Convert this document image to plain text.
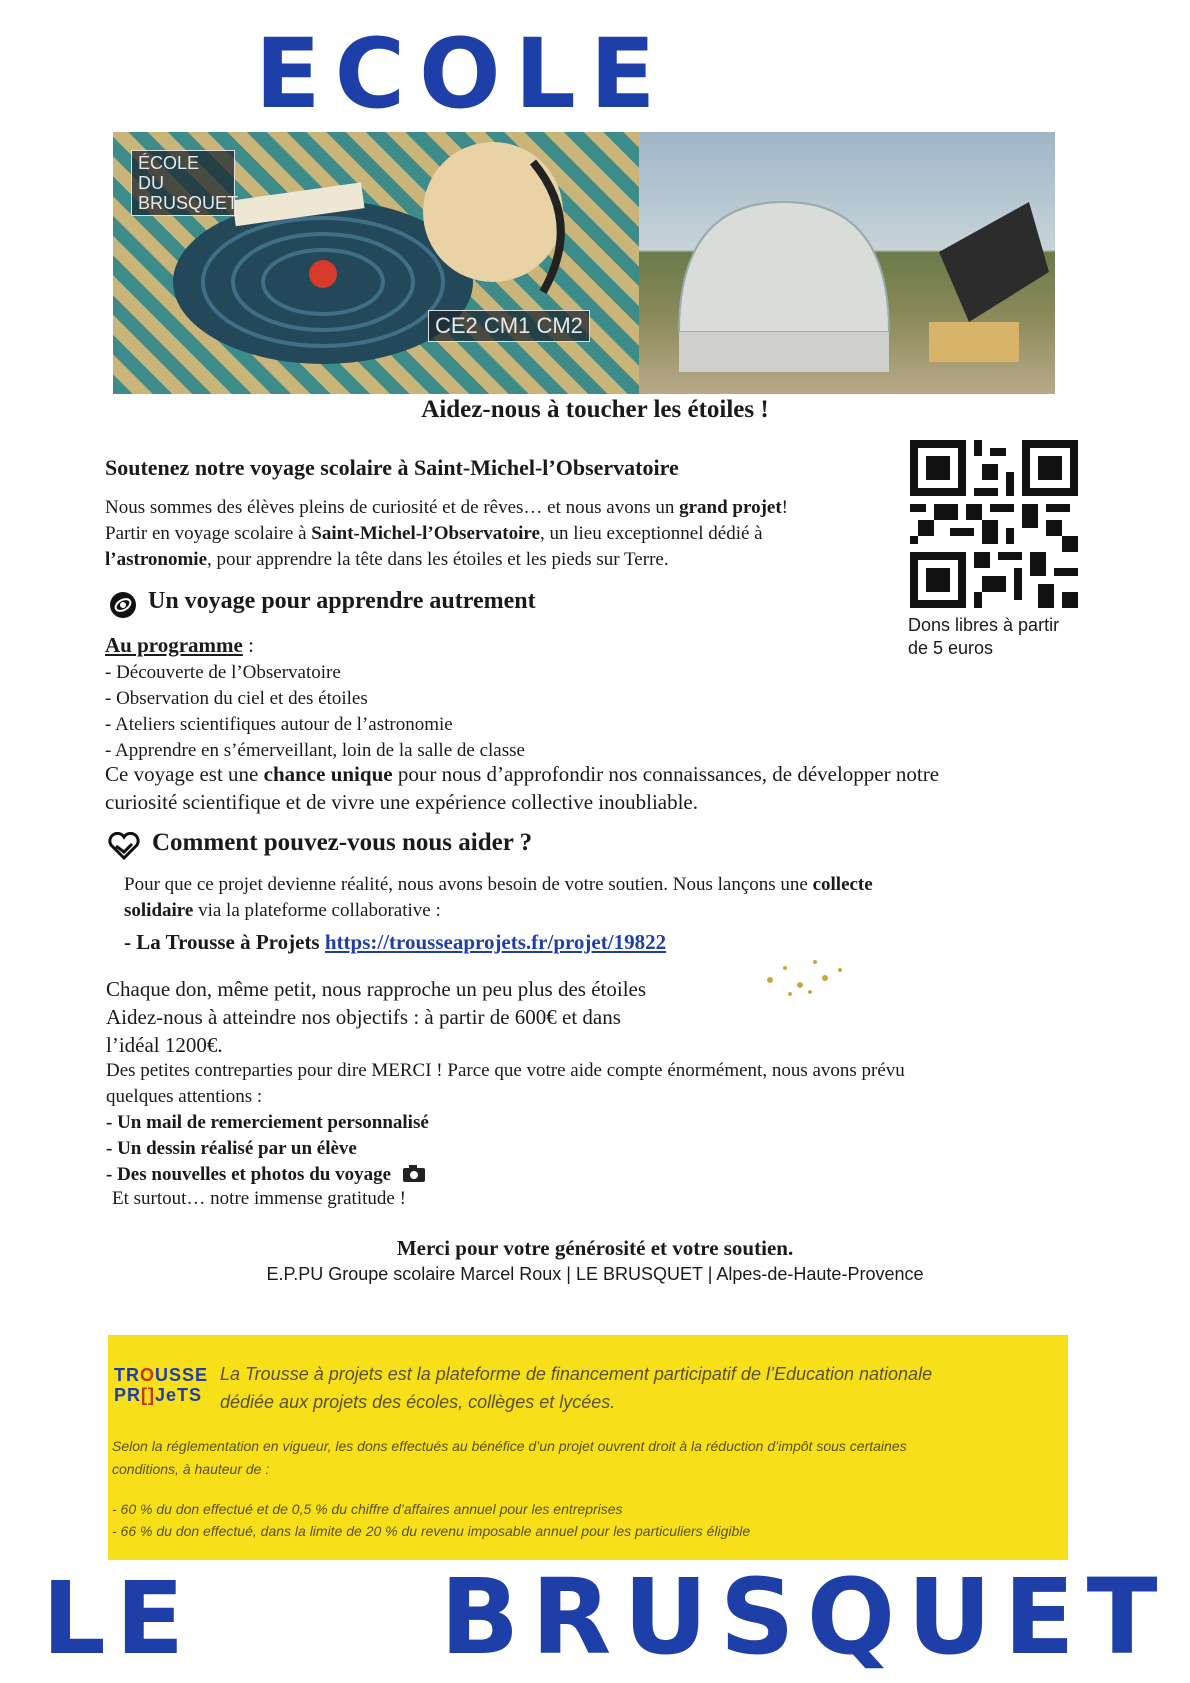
ECOLE
ÉCOLE DU BRUSQUET
CE2 CM1 CM2
Aidez-nous à toucher les étoiles !
Dons libres à partir
de 5 euros
Soutenez notre voyage scolaire à Saint-Michel-l’Observatoire
Nous sommes des élèves pleins de curiosité et de rêves… et nous avons un grand projet!
Partir en voyage scolaire à Saint-Michel-l’Observatoire, un lieu exceptionnel dédié à
l’astronomie, pour apprendre la tête dans les étoiles et les pieds sur Terre.
Un voyage pour apprendre autrement
Au programme :
- Découverte de l’Observatoire
- Observation du ciel et des étoiles
- Ateliers scientifiques autour de l’astronomie
- Apprendre en s’émerveillant, loin de la salle de classe
Ce voyage est une chance unique pour nous d’approfondir nos connaissances, de développer notre
curiosité scientifique et de vivre une expérience collective inoubliable.
Comment pouvez-vous nous aider ?
Pour que ce projet devienne réalité, nous avons besoin de votre soutien. Nous lançons une collecte
solidaire via la plateforme collaborative :
- La Trousse à Projets https://trousseaprojets.fr/projet/19822
Chaque don, même petit, nous rapproche un peu plus des étoiles
Aidez-nous à atteindre nos objectifs : à partir de 600€ et dans
l’idéal 1200€.
Des petites contreparties pour dire MERCI ! Parce que votre aide compte énormément, nous avons prévu
quelques attentions :
- Un mail de remerciement personnalisé
- Un dessin réalisé par un élève
- Des nouvelles et photos du voyage
Et surtout… notre immense gratitude !
Merci pour votre générosité et votre soutien.
E.P.PU Groupe scolaire Marcel Roux | LE BRUSQUET | Alpes-de-Haute-Provence
TROUSSE
PR[]JeTS
La Trousse à projets est la plateforme de financement participatif de l’Education nationale
dédiée aux projets des écoles, collèges et lycées.
Selon la réglementation en vigueur, les dons effectués au bénéfice d’un projet ouvrent droit à la réduction d’impôt sous certaines
conditions, à hauteur de :
- 60 % du don effectué et de 0,5 % du chiffre d’affaires annuel pour les entreprises
- 66 % du don effectué, dans la limite de 20 % du revenu imposable annuel pour les particuliers éligible
LE BRUSQUET
